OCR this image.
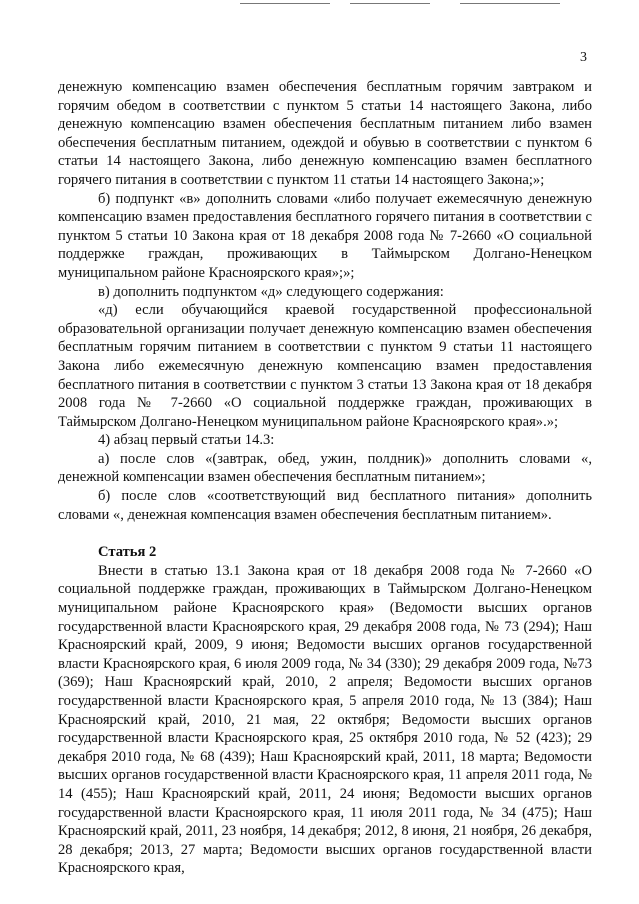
3

денежную компенсацию взамен обеспечения бесплатным горячим завтраком и горячим обедом в соответствии с пунктом 5 статьи 14 настоящего Закона, либо денежную компенсацию взамен обеспечения бесплатным питанием либо взамен обеспечения бесплатным питанием, одеждой и обувью в соответствии с пунктом 6 статьи 14 настоящего Закона, либо денежную компенсацию взамен бесплатного горячего питания в соответствии с пунктом 11 статьи 14 настоящего Закона;»;

б) подпункт «в» дополнить словами «либо получает ежемесячную денежную компенсацию взамен предоставления бесплатного горячего питания в соответствии с пунктом 5 статьи 10 Закона края от 18 декабря 2008 года № 7-2660 «О социальной поддержке граждан, проживающих в Таймырском Долгано-Ненецком муниципальном районе Красноярского края»;»;

в) дополнить подпунктом «д» следующего содержания:

«д) если обучающийся краевой государственной профессиональной образовательной организации получает денежную компенсацию взамен обеспечения бесплатным горячим питанием в соответствии с пунктом 9 статьи 11 настоящего Закона либо ежемесячную денежную компенсацию взамен предоставления бесплатного питания в соответствии с пунктом 3 статьи 13 Закона края от 18 декабря 2008 года № 7-2660 «О социальной поддержке граждан, проживающих в Таймырском Долгано-Ненецком муниципальном районе Красноярского края».»;

4) абзац первый статьи 14.3:

а) после слов «(завтрак, обед, ужин, полдник)» дополнить словами «, денежной компенсации взамен обеспечения бесплатным питанием»;

б) после слов «соответствующий вид бесплатного питания» дополнить словами «, денежная компенсация взамен обеспечения бесплатным питанием».

Статья 2

Внести в статью 13.1 Закона края от 18 декабря 2008 года № 7-2660 «О социальной поддержке граждан, проживающих в Таймырском Долгано-Ненецком муниципальном районе Красноярского края» (Ведомости высших органов государственной власти Красноярского края, 29 декабря 2008 года, № 73 (294); Наш Красноярский край, 2009, 9 июня; Ведомости высших органов государственной власти Красноярского края, 6 июля 2009 года, № 34 (330); 29 декабря 2009 года, №73 (369); Наш Красноярский край, 2010, 2 апреля; Ведомости высших органов государственной власти Красноярского края, 5 апреля 2010 года, № 13 (384); Наш Красноярский край, 2010, 21 мая, 22 октября; Ведомости высших органов государственной власти Красноярского края, 25 октября 2010 года, № 52 (423); 29 декабря 2010 года, № 68 (439); Наш Красноярский край, 2011, 18 марта; Ведомости высших органов государственной власти Красноярского края, 11 апреля 2011 года, № 14 (455); Наш Красноярский край, 2011, 24 июня; Ведомости высших органов государственной власти Красноярского края, 11 июля 2011 года, № 34 (475); Наш Красноярский край, 2011, 23 ноября, 14 декабря; 2012, 8 июня, 21 ноября, 26 декабря, 28 декабря; 2013, 27 марта; Ведомости высших органов государственной власти Красноярского края,
